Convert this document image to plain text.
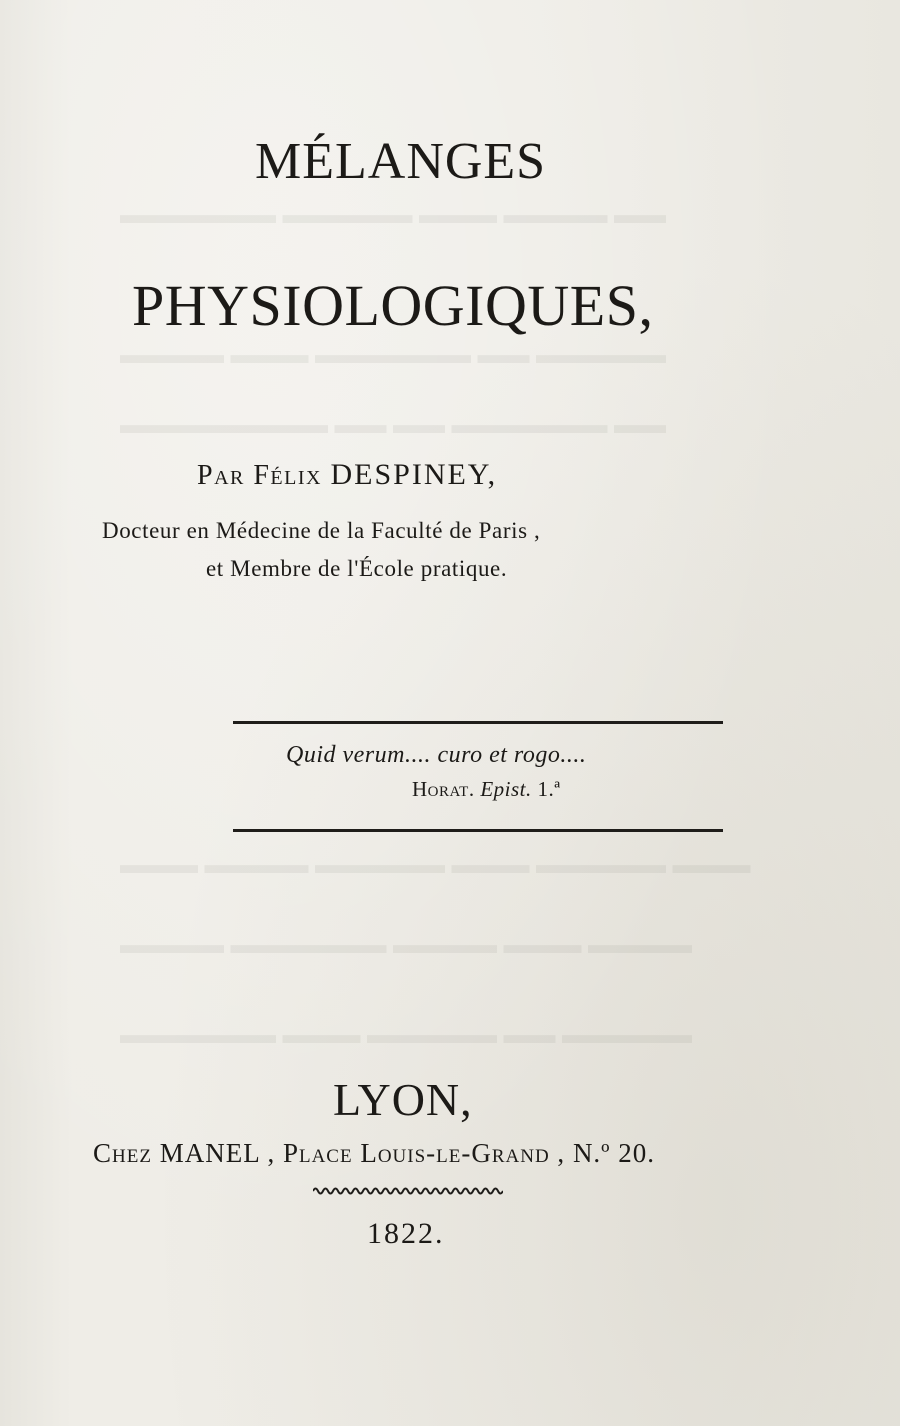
▬▬ ▬▬▬▬ ▬▬▬ ▬▬▬▬▬ ▬▬▬▬▬▬
▬▬▬▬▬ ▬▬ ▬▬▬▬▬▬ ▬▬▬ ▬▬▬▬
▬▬ ▬▬▬▬▬▬ ▬▬ ▬▬ ▬▬▬▬▬▬▬▬
▬▬▬ ▬▬▬▬▬ ▬▬▬ ▬▬▬▬▬ ▬▬▬▬ ▬▬▬
▬▬▬▬ ▬▬▬ ▬▬▬▬ ▬▬▬▬▬▬ ▬▬▬▬
▬▬▬▬▬ ▬▬ ▬▬▬▬▬ ▬▬▬ ▬▬▬▬▬▬
MÉLANGES
PHYSIOLOGIQUES,
Par Félix DESPINEY,
Docteur en Médecine de la Faculté de Paris ,
et Membre de l'École pratique.
Quid verum.... curo et rogo....
Horat. Epist. 1.ª
LYON,
Chez MANEL , Place Louis-le-Grand , N.º 20.
1822.
